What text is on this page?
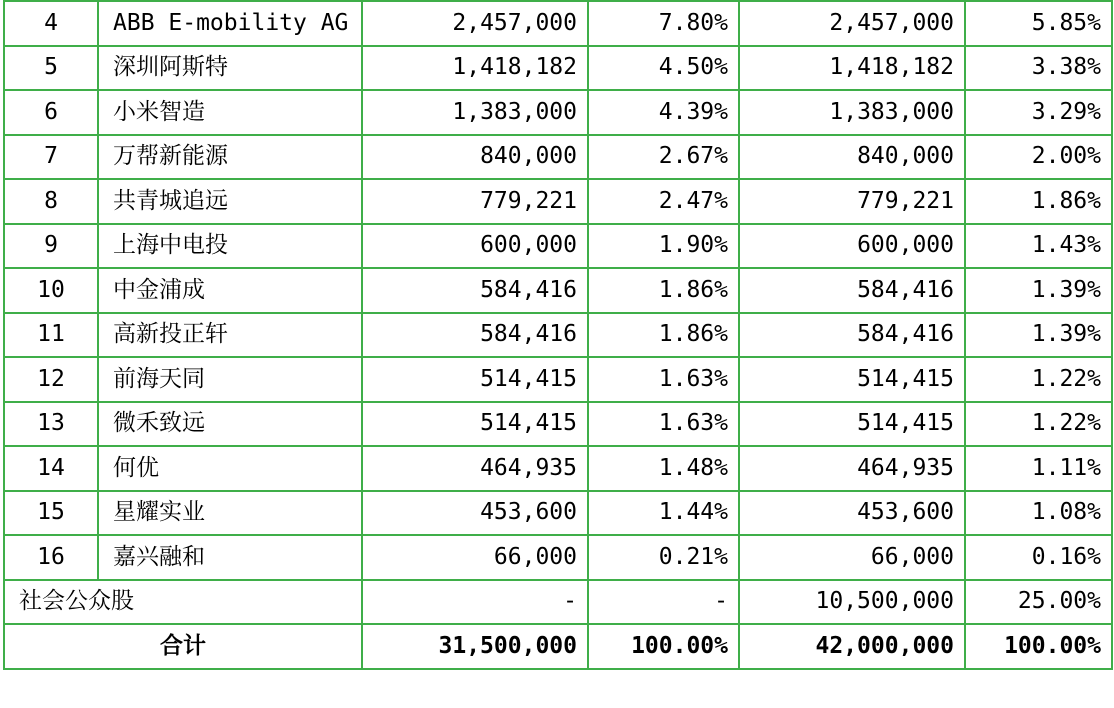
4	ABB E-mobility AG	2,457,000	7.80%	2,457,000	5.85%
5	深圳阿斯特	1,418,182	4.50%	1,418,182	3.38%
6	小米智造	1,383,000	4.39%	1,383,000	3.29%
7	万帮新能源	840,000	2.67%	840,000	2.00%
8	共青城追远	779,221	2.47%	779,221	1.86%
9	上海中电投	600,000	1.90%	600,000	1.43%
10	中金浦成	584,416	1.86%	584,416	1.39%
11	高新投正轩	584,416	1.86%	584,416	1.39%
12	前海天同	514,415	1.63%	514,415	1.22%
13	微禾致远	514,415	1.63%	514,415	1.22%
14	何优	464,935	1.48%	464,935	1.11%
15	星耀实业	453,600	1.44%	453,600	1.08%
16	嘉兴融和	66,000	0.21%	66,000	0.16%
社会公众股		-	-	10,500,000	25.00%
合计		31,500,000	100.00%	42,000,000	100.00%
